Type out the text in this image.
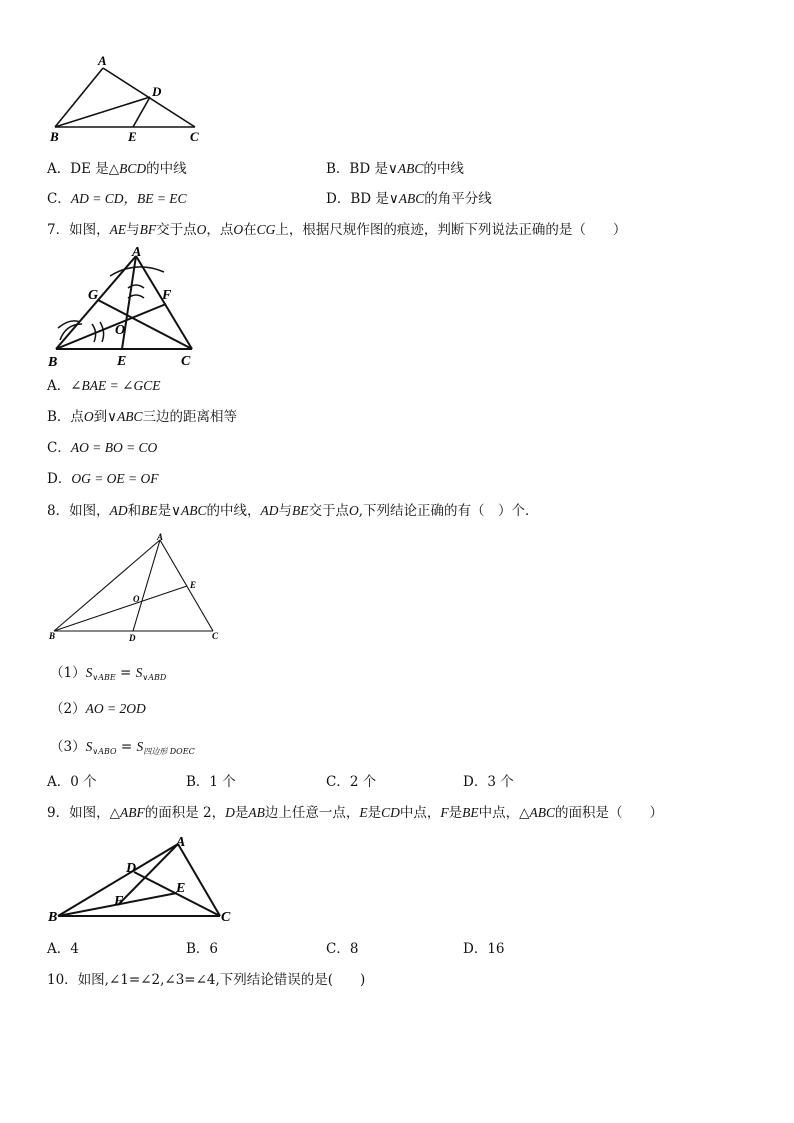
A
D
B	E	C
A．DE 是△BCD的中线	B．BD 是∨ABC的中线
C．AD = CD，BE = EC	D．BD 是∨ABC的角平分线
7．如图，AE与BF交于点O，点O在CG上，根据尺规作图的痕迹，判断下列说法正确的是（　　）
A
G	F
O
B	E	C
A．∠BAE = ∠GCE
B．点O到∨ABC三边的距离相等
C．AO = BO = CO
D．OG = OE = OF
8．如图，AD和BE是∨ABC的中线，AD与BE交于点O,下列结论正确的有（　）个．
A
E
O
B	D	C
$(1)S_{\vee ABE} = S_{\vee ABD}$
（2）AO = 2OD
$(3)S_{\vee ABO} = S_{四边形 DOEC}$
A．0 个	B．1 个	C．2 个	D．3 个
9．如图，△ABF的面积是 2，D是AB边上任意一点，E是CD中点，F是BE中点，△ABC的面积是（　　）
A
D
E
F
B	C
A．4	B．6	C．8	D．16
10．如图,∠1=∠2,∠3=∠4,下列结论错误的是(　　)
